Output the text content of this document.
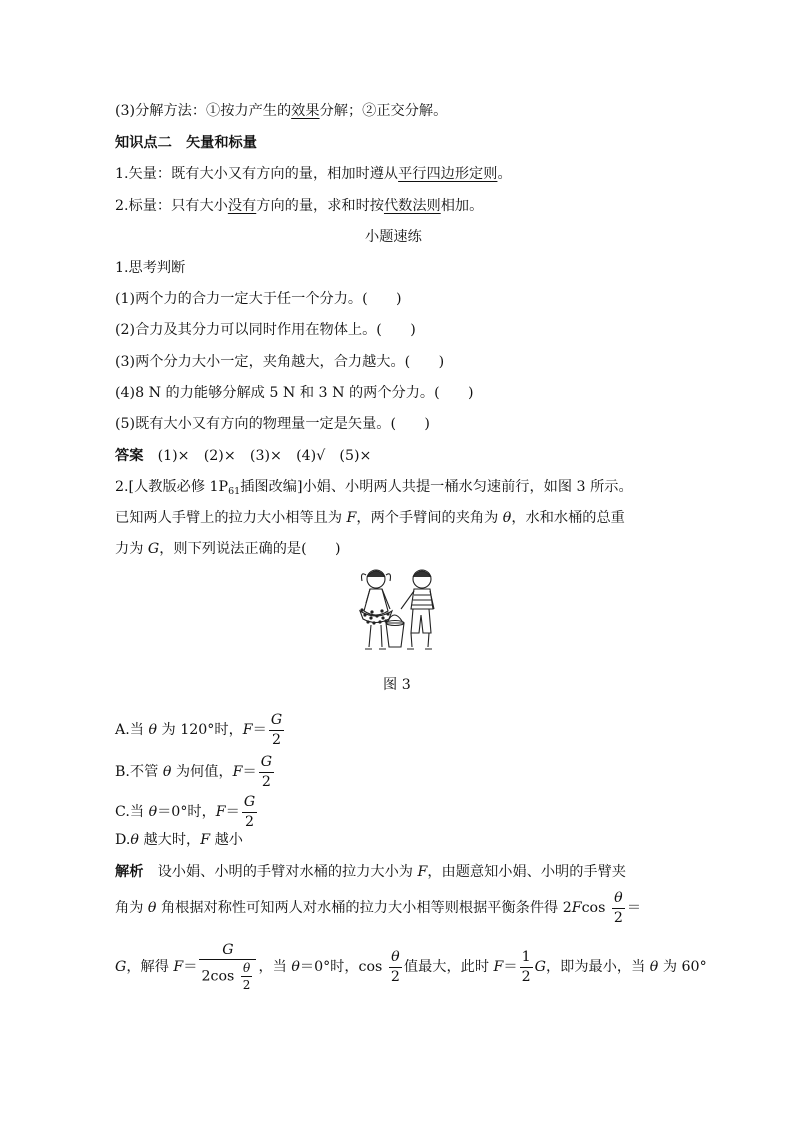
(3)分解方法：①按力产生的效果分解；②正交分解。
知识点二　矢量和标量
1.矢量：既有大小又有方向的量，相加时遵从平行四边形定则。
2.标量：只有大小没有方向的量，求和时按代数法则相加。
小题速练
1.思考判断
(1)两个力的合力一定大于任一个分力。(　　)
(2)合力及其分力可以同时作用在物体上。(　　)
(3)两个分力大小一定，夹角越大，合力越大。(　　)
(4)8 N 的力能够分解成 5 N 和 3 N 的两个分力。(　　)
(5)既有大小又有方向的物理量一定是矢量。(　　)
答案　(1)×　(2)×　(3)×　(4)√　(5)×
2.[人教版必修 $1P_{61}$插图改编]小娟、小明两人共提一桶水匀速前行，如图 3 所示。
已知两人手臂上的拉力大小相等且为 F，两个手臂间的夹角为 θ，水和水桶的总重
力为 G，则下列说法正确的是(　　)
图 3
A.当 θ 为 120°时，$F= \frac{G}{2}$
B.不管 θ 为何值，$F= \frac{G}{2}$
C.当 θ＝0°时，$F= \frac{G}{2}$
D.θ 越大时，F 越小
解析　设小娟、小明的手臂对水桶的拉力大小为 F，由题意知小娟、小明的手臂夹
角为 θ 角根据对称性可知两人对水桶的拉力大小相等则根据平衡条件得 $2Fcos \frac{\theta}{2}$ ＝
G，解得 $F= \frac{G}{2\cos \frac{\theta}{2}}$ ，当 θ＝0°时，$\cos \frac{\theta}{2}$ 值最大，此时 $F= \frac{1}{2}$ G，即为最小，当 θ 为 60°
